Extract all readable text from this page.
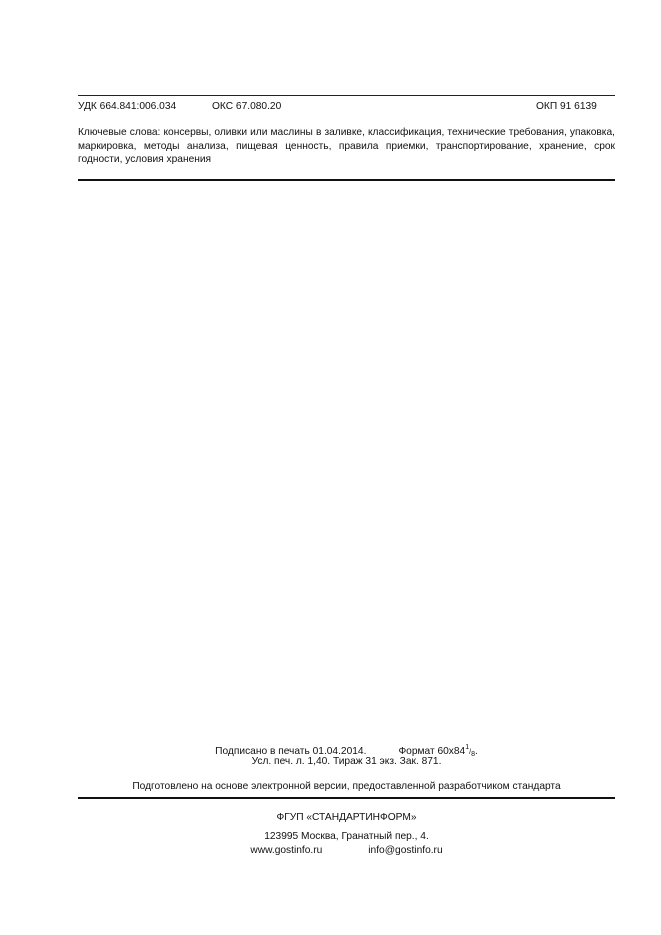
УДК 664.841:006.034	ОКС 67.080.20	ОКП 91 6139
Ключевые слова: консервы, оливки или маслины в заливке, классификация, технические требования, упаковка, маркировка, методы анализа, пищевая ценность, правила приемки, транспортирование, хранение, срок годности, условия хранения
Подписано в печать 01.04.2014.	Формат $60x84^1/_8$.
Усл. печ. л. 1,40. Тираж 31 экз. Зак. 871.
Подготовлено на основе электронной версии, предоставленной разработчиком стандарта
ФГУП «СТАНДАРТИНФОРМ»
123995 Москва, Гранатный пер., 4.
www.gostinfo.ru	info@gostinfo.ru
